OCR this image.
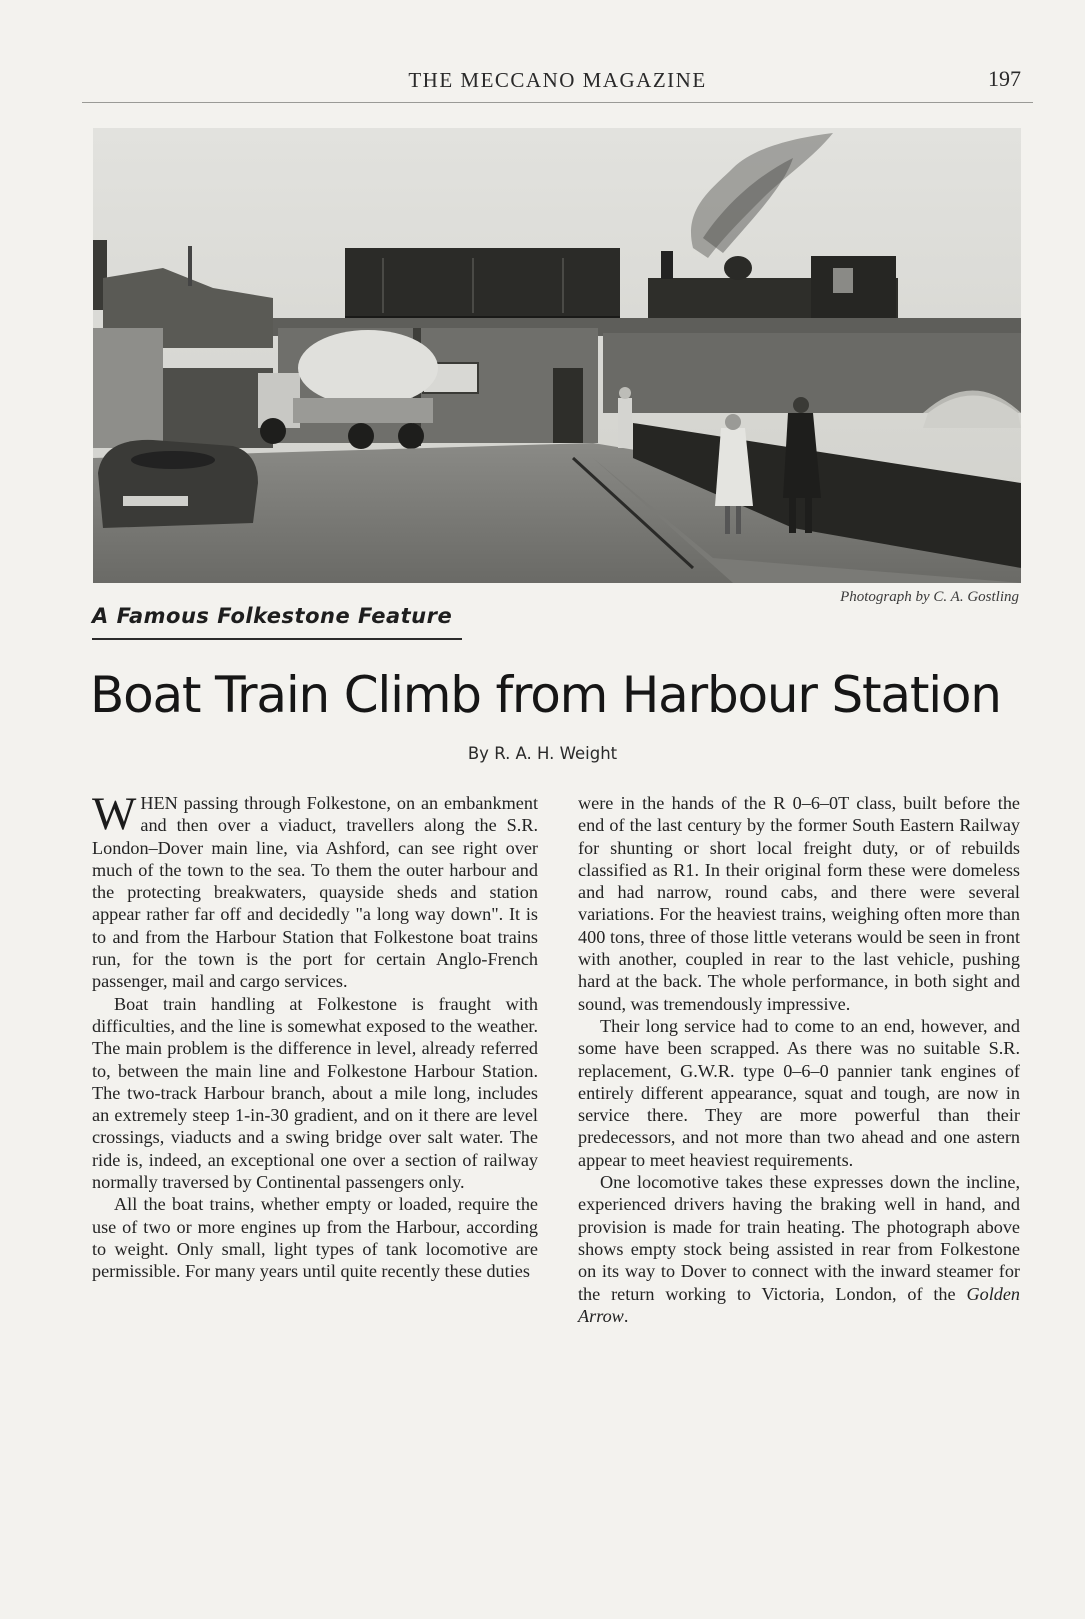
THE MECCANO MAGAZINE	197
Photograph by C. A. Gostling
A Famous Folkestone Feature
Boat Train Climb from Harbour Station
By R. A. H. Weight

WHEN passing through Folkestone, on an embankment and then over a viaduct, travellers along the S.R. London–Dover main line, via Ashford, can see right over much of the town to the sea. To them the outer harbour and the protecting breakwaters, quayside sheds and station appear rather far off and decidedly "a long way down". It is to and from the Harbour Station that Folkestone boat trains run, for the town is the port for certain Anglo-French passenger, mail and cargo services.

Boat train handling at Folkestone is fraught with difficulties, and the line is somewhat exposed to the weather. The main problem is the difference in level, already referred to, between the main line and Folkestone Harbour Station. The two-track Harbour branch, about a mile long, includes an extremely steep 1-in-30 gradient, and on it there are level crossings, viaducts and a swing bridge over salt water. The ride is, indeed, an exceptional one over a section of railway normally traversed by Continental passengers only.

All the boat trains, whether empty or loaded, require the use of two or more engines up from the Harbour, according to weight. Only small, light types of tank locomotive are permissible. For many years until quite recently these duties

were in the hands of the R 0–6–0T class, built before the end of the last century by the former South Eastern Railway for shunting or short local freight duty, or of rebuilds classified as R1. In their original form these were domeless and had narrow, round cabs, and there were several variations. For the heaviest trains, weighing often more than 400 tons, three of those little veterans would be seen in front with another, coupled in rear to the last vehicle, pushing hard at the back. The whole performance, in both sight and sound, was tremendously impressive.

Their long service had to come to an end, however, and some have been scrapped. As there was no suitable S.R. replacement, G.W.R. type 0–6–0 pannier tank engines of entirely different appearance, squat and tough, are now in service there. They are more powerful than their predecessors, and not more than two ahead and one astern appear to meet heaviest requirements.

One locomotive takes these expresses down the incline, experienced drivers having the braking well in hand, and provision is made for train heating. The photograph above shows empty stock being assisted in rear from Folkestone on its way to Dover to connect with the inward steamer for the return working to Victoria, London, of the Golden Arrow.
